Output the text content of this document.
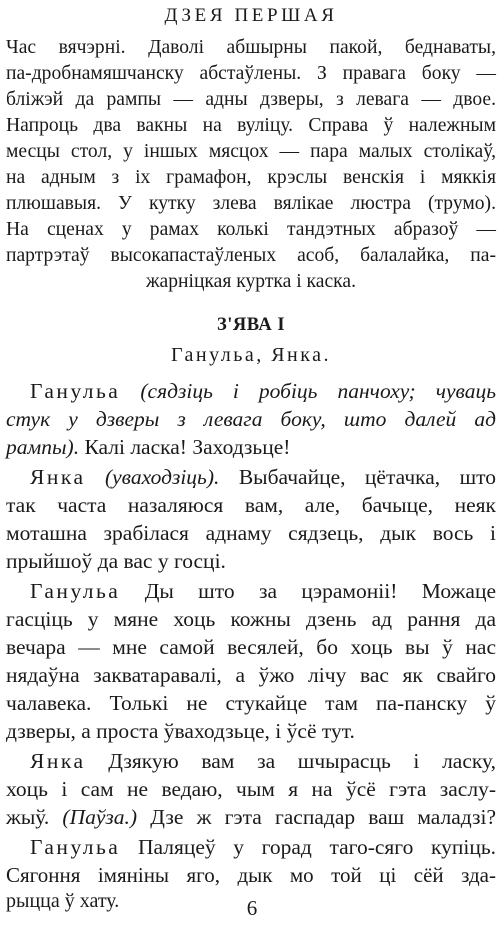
ДЗЕЯ ПЕРШАЯ
Час вячэрні. Даволі абшырны пакой, беднаваты,
па-дробнамяшчанску абстаўлены. З правага боку —
бліжэй да рампы — адны дзверы, з левага — двое.
Напроць два вакны на вуліцу. Справа ў належным
месцы стол, у іншых мясцох — пара малых столікаў,
на адным з іх грамафон, крэслы венскія і мяккія
плюшавыя. У кутку злева вялікае люстра (трумо).
На сценах у рамах колькі тандэтных абразоў —
партрэтаў высокапастаўленых асоб, балалайка, па-
жарніцкая куртка і каска.
З'ЯВА I
Ганульа, Янка.
Ганульа (сядзіць і робіць панчоху; чуваць
стук у дзверы з левага боку, што далей ад
рампы). Калі ласка! Заходзьце!
Янка (уваходзіць). Выбачайце, цётачка, што
так часта назаляюся вам, але, бачыце, неяк
моташна зрабілася аднаму сядзець, дык вось і
прыйшоў да вас у госці.
Ганульа Ды што за цэрамоніі! Можаце
гасціць у мяне хоць кожны дзень ад рання да
вечара — мне самой весялей, бо хоць вы ў нас
нядаўна закватаравалі, а ўжо лічу вас як свайго
чалавека. Толькі не стукайце там па-панску ў
дзверы, а проста ўваходзьце, і ўсё тут.
Янка Дзякую вам за шчырасць і ласку,
хоць і сам не ведаю, чым я на ўсё гэта заслу-
жыў. (Паўза.) Дзе ж гэта гаспадар ваш маладзі?
Ганульа Паляцеў у горад таго-сяго купіць.
Сягоння імяніны яго, дык мо той ці сёй зда-
рыцца ў хату.	6
